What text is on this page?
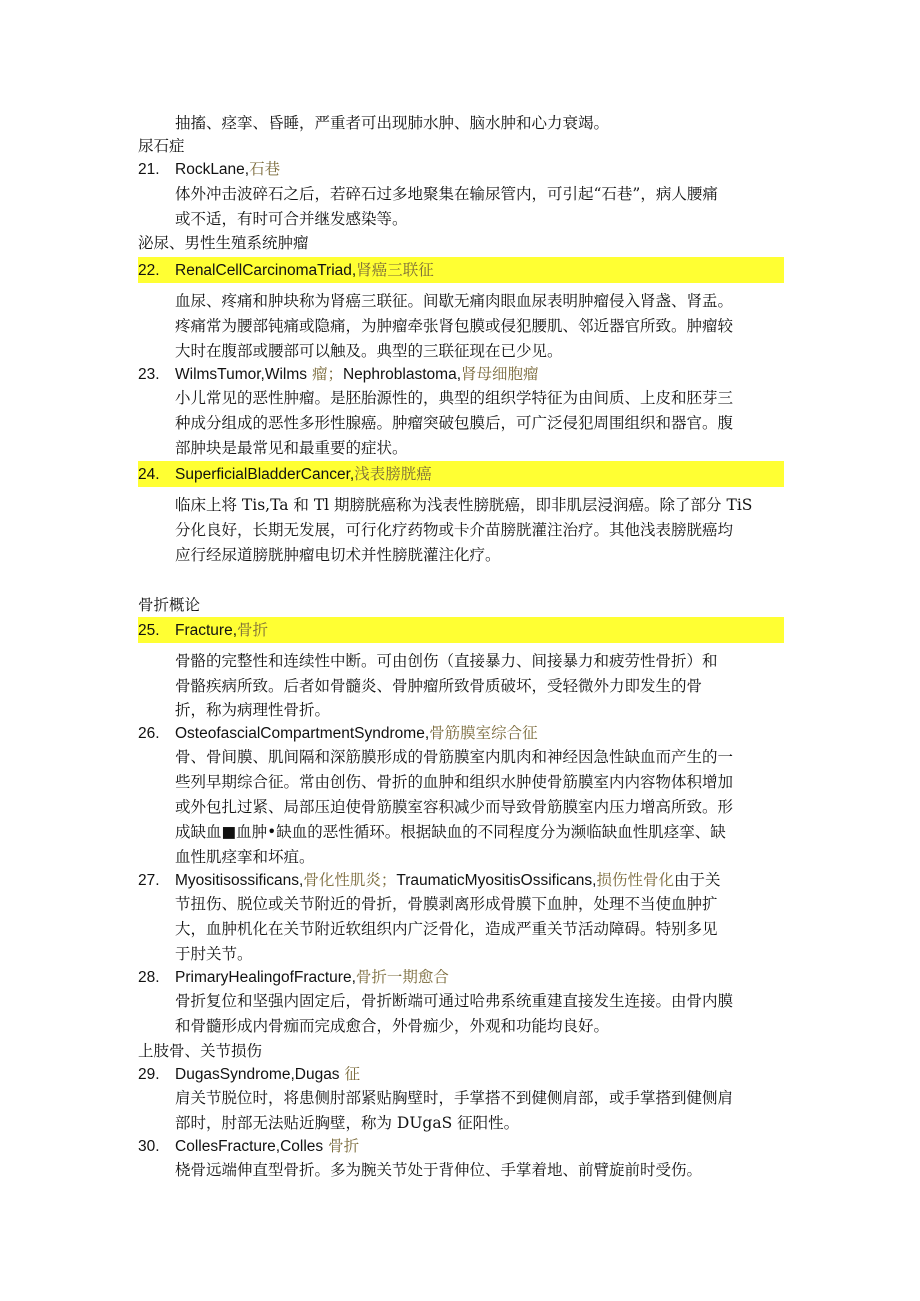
抽搐、痉挛、昏睡，严重者可出现肺水肿、脑水肿和心力衰竭。
尿石症
21. RockLane,石巷
体外冲击波碎石之后，若碎石过多地聚集在输尿管内，可引起“石巷”，病人腰痛
或不适，有时可合并继发感染等。
泌尿、男性生殖系统肿瘤
22. RenalCellCarcinomaTriad,肾癌三联征
血尿、疼痛和肿块称为肾癌三联征。间歇无痛肉眼血尿表明肿瘤侵入肾盏、肾盂。
疼痛常为腰部钝痛或隐痛，为肿瘤牵张肾包膜或侵犯腰肌、邻近器官所致。肿瘤较
大时在腹部或腰部可以触及。典型的三联征现在已少见。
23. WilmsTumor,Wilms 瘤；Nephroblastoma,肾母细胞瘤
小儿常见的恶性肿瘤。是胚胎源性的，典型的组织学特征为由间质、上皮和胚芽三
种成分组成的恶性多形性腺癌。肿瘤突破包膜后，可广泛侵犯周围组织和器官。腹
部肿块是最常见和最重要的症状。
24. SuperficialBladderCancer,浅表膀胱癌
临床上将 Tis,Ta 和 Tl 期膀胱癌称为浅表性膀胱癌，即非肌层浸润癌。除了部分 TiS
分化良好，长期无发展，可行化疗药物或卡介苗膀胱灌注治疗。其他浅表膀胱癌均
应行经尿道膀胱肿瘤电切术并性膀胱灌注化疗。
骨折概论
25. Fracture,骨折
骨骼的完整性和连续性中断。可由创伤（直接暴力、间接暴力和疲劳性骨折）和
骨骼疾病所致。后者如骨髓炎、骨肿瘤所致骨质破坏，受轻微外力即发生的骨
折，称为病理性骨折。
26. OsteofascialCompartmentSyndrome,骨筋膜室综合征
骨、骨间膜、肌间隔和深筋膜形成的骨筋膜室内肌肉和神经因急性缺血而产生的一
些列早期综合征。常由创伤、骨折的血肿和组织水肿使骨筋膜室内内容物体积增加
或外包扎过紧、局部压迫使骨筋膜室容积减少而导致骨筋膜室内压力增高所致。形
成缺血■血肿•缺血的恶性循环。根据缺血的不同程度分为濒临缺血性肌痉挛、缺
血性肌痉挛和坏疽。
27. Myositisossificans,骨化性肌炎；TraumaticMyositisOssificans,损伤性骨化由于关
节扭伤、脱位或关节附近的骨折，骨膜剥离形成骨膜下血肿，处理不当使血肿扩
大，血肿机化在关节附近软组织内广泛骨化，造成严重关节活动障碍。特别多见
于肘关节。
28. PrimaryHealingofFracture,骨折一期愈合
骨折复位和坚强内固定后，骨折断端可通过哈弗系统重建直接发生连接。由骨内膜
和骨髓形成内骨痂而完成愈合，外骨痂少，外观和功能均良好。
上肢骨、关节损伤
29. DugasSyndrome,Dugas 征
肩关节脱位时，将患侧肘部紧贴胸壁时，手掌搭不到健侧肩部，或手掌搭到健侧肩
部时，肘部无法贴近胸壁，称为 DUgaS 征阳性。
30. CollesFracture,Colles 骨折
桡骨远端伸直型骨折。多为腕关节处于背伸位、手掌着地、前臂旋前时受伤。
